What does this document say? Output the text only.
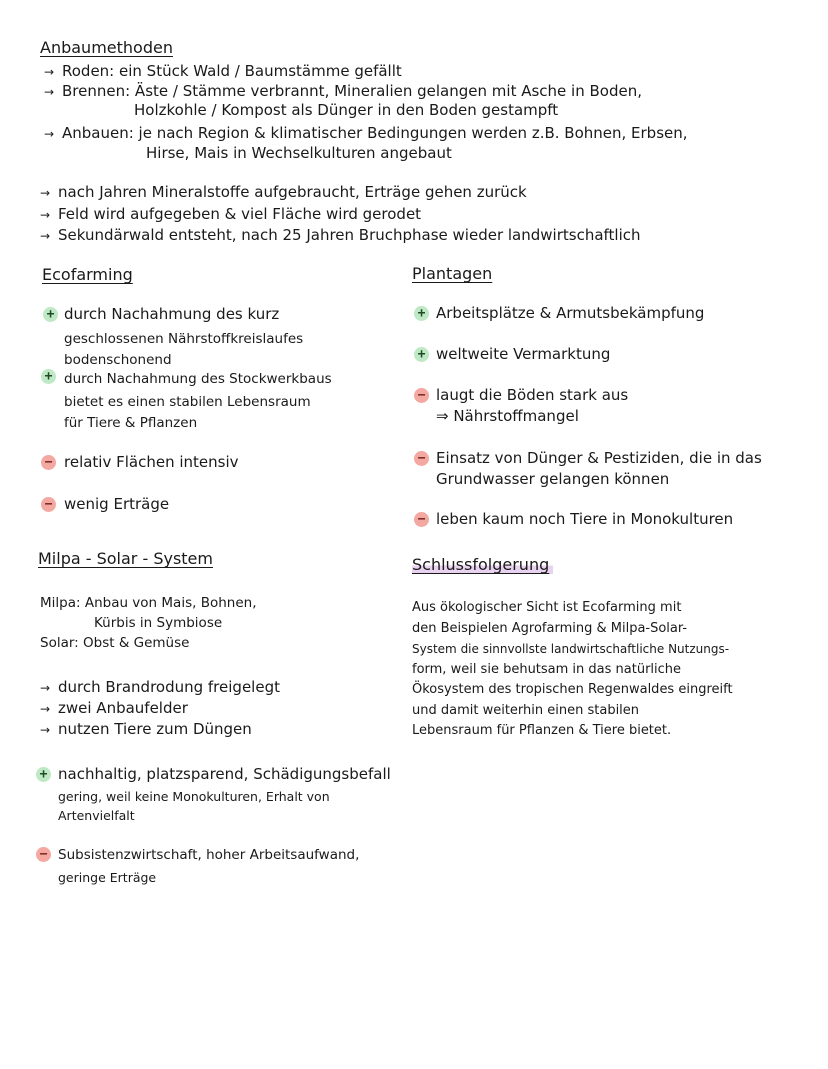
Anbaumethoden
→ Roden: ein Stück Wald / Baumstämme gefällt
→ Brennen: Äste / Stämme verbrannt, Mineralien gelangen mit Asche in Boden,
Holzkohle / Kompost als Dünger in den Boden gestampft
→ Anbauen: je nach Region & klimatischer Bedingungen werden z.B. Bohnen, Erbsen,
Hirse, Mais in Wechselkulturen angebaut
→ nach Jahren Mineralstoffe aufgebraucht, Erträge gehen zurück
→ Feld wird aufgegeben & viel Fläche wird gerodet
→ Sekundärwald entsteht, nach 25 Jahren Bruchphase wieder landwirtschaftlich
Ecofarming
+ durch Nachahmung des kurz
geschlossenen Nährstoffkreislaufes
bodenschonend
+ durch Nachahmung des Stockwerkbaus
bietet es einen stabilen Lebensraum
für Tiere & Pflanzen
− relativ Flächen intensiv
− wenig Erträge
Plantagen
+ Arbeitsplätze & Armutsbekämpfung
+ weltweite Vermarktung
− laugt die Böden stark aus
⇒ Nährstoffmangel
− Einsatz von Dünger & Pestiziden, die in das
Grundwasser gelangen können
− leben kaum noch Tiere in Monokulturen
Milpa - Solar - System
Milpa: Anbau von Mais, Bohnen,
Kürbis in Symbiose
Solar: Obst & Gemüse
→ durch Brandrodung freigelegt
→ zwei Anbaufelder
→ nutzen Tiere zum Düngen
+ nachhaltig, platzsparend, Schädigungsbefall
gering, weil keine Monokulturen, Erhalt von
Artenvielfalt
− Subsistenzwirtschaft, hoher Arbeitsaufwand,
geringe Erträge
Schlussfolgerung
Aus ökologischer Sicht ist Ecofarming mit
den Beispielen Agrofarming & Milpa-Solar-
System die sinnvollste landwirtschaftliche Nutzungs-
form, weil sie behutsam in das natürliche
Ökosystem des tropischen Regenwaldes eingreift
und damit weiterhin einen stabilen
Lebensraum für Pflanzen & Tiere bietet.
